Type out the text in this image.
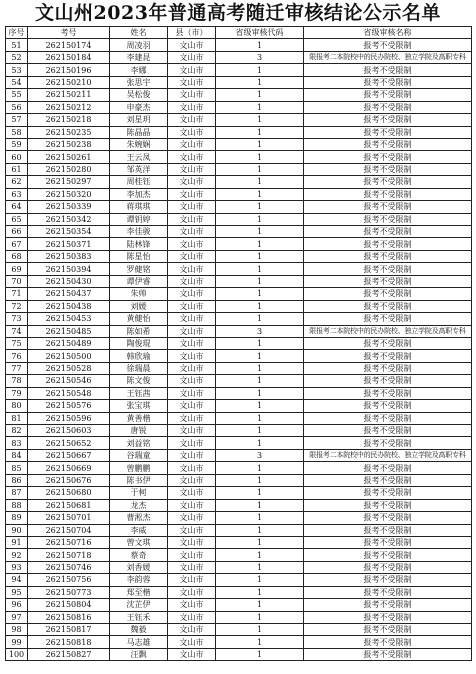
文山州2023年普通高考随迁审核结论公示名单
序号	考号	姓名	县（市）	省级审核代码	省级审核名称
51	262150174	周凌羽	文山市	1	报考不受限制
52	262150184	李建昆	文山市	3	限报考二本院校中的民办院校、独立学院及高职专科
53	262150196	李娜	文山市	1	报考不受限制
54	262150210	张思宇	文山市	1	报考不受限制
55	262150211	吴松俊	文山市	1	报考不受限制
56	262150212	申豪杰	文山市	1	报考不受限制
57	262150218	刘星玥	文山市	1	报考不受限制
58	262150235	陈晶晶	文山市	1	报考不受限制
59	262150238	朱婉娴	文山市	1	报考不受限制
60	262150261	王云凤	文山市	1	报考不受限制
61	262150280	邹英洋	文山市	1	报考不受限制
62	262150297	周桂钰	文山市	1	报考不受限制
63	262150320	李加杰	文山市	1	报考不受限制
64	262150339	蒋琪琪	文山市	1	报考不受限制
65	262150342	谭钥婷	文山市	1	报考不受限制
66	262150354	李佳骏	文山市	1	报考不受限制
67	262150371	陆林锋	文山市	1	报考不受限制
68	262150383	陈星怡	文山市	1	报考不受限制
69	262150394	罗健铭	文山市	1	报考不受限制
70	262150430	谭伊睿	文山市	1	报考不受限制
71	262150437	朱帅	文山市	1	报考不受限制
72	262150438	刘媛	文山市	1	报考不受限制
73	262150453	黄健怡	文山市	1	报考不受限制
74	262150485	陈如希	文山市	3	限报考二本院校中的民办院校、独立学院及高职专科
75	262150489	陶俊琨	文山市	1	报考不受限制
76	262150500	韩欣瑜	文山市	1	报考不受限制
77	262150528	徐瑞晨	文山市	1	报考不受限制
78	262150546	陈文俊	文山市	1	报考不受限制
79	262150548	王钰茜	文山市	1	报考不受限制
80	262150576	张宝琪	文山市	1	报考不受限制
81	262150596	黄善楷	文山市	1	报考不受限制
82	262150603	唐锐	文山市	1	报考不受限制
83	262150652	刘益铭	文山市	1	报考不受限制
84	262150667	谷瑞童	文山市	3	限报考二本院校中的民办院校、独立学院及高职专科
85	262150669	曾鹏鹏	文山市	1	报考不受限制
86	262150676	陈书伊	文山市	1	报考不受限制
87	262150680	于柯	文山市	1	报考不受限制
88	262150681	龙杰	文山市	1	报考不受限制
89	262150701	曹淞杰	文山市	1	报考不受限制
90	262150704	李威	文山市	1	报考不受限制
91	262150716	曾文琪	文山市	1	报考不受限制
92	262150718	蔡奇	文山市	1	报考不受限制
93	262150746	刘香媛	文山市	1	报考不受限制
94	262150756	李韵蓉	文山市	1	报考不受限制
95	262150773	郑至楷	文山市	1	报考不受限制
96	262150804	沈芷伊	文山市	1	报考不受限制
97	262150816	王钰禾	文山市	1	报考不受限制
98	262150817	魏毅	文山市	1	报考不受限制
99	262150818	马志雄	文山市	1	报考不受限制
100	262150827	汪飘	文山市	1	报考不受限制
